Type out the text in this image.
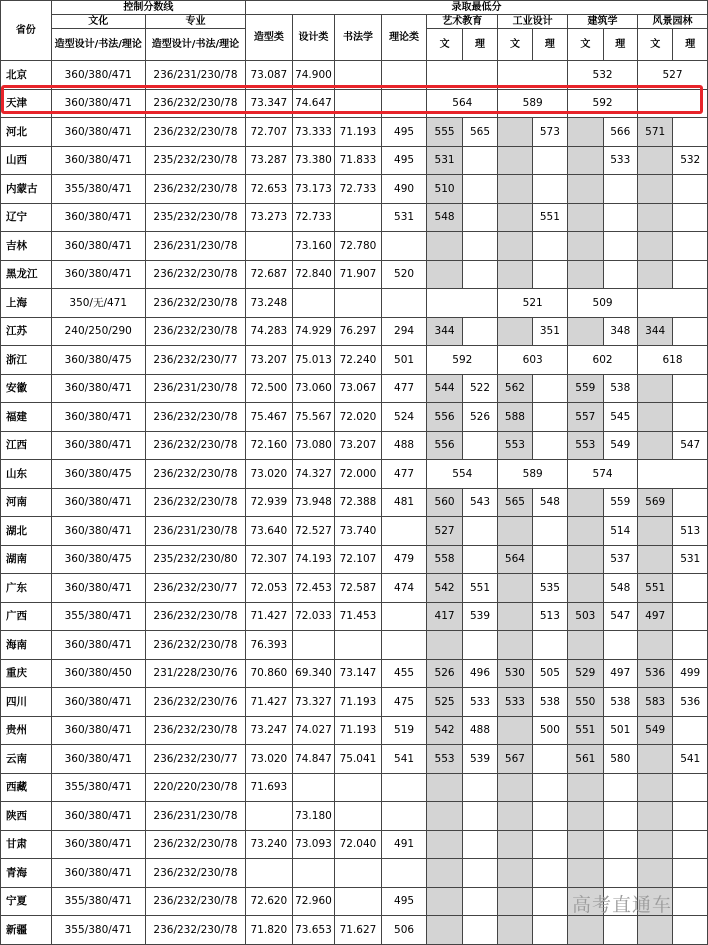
省份	控制分数线		录取最低分											
	文化	专业	造型类	设计类	书法学	理论类	艺术教育		工业设计		建筑学		风景园林	
	造型设计/书法/理论	造型设计/书法/理论					文	理	文	理	文	理	文	理
北京	360/380/471	236/231/230/78	73.087	74.900							532		527	
天津	360/380/471	236/232/230/78	73.347	74.647			564		589		592			
河北	360/380/471	236/232/230/78	72.707	73.333	71.193	495	555	565		573		566	571	
山西	360/380/471	235/232/230/78	73.287	73.380	71.833	495	531					533		532
内蒙古	355/380/471	236/232/230/78	72.653	73.173	72.733	490	510							
辽宁	360/380/471	235/232/230/78	73.273	72.733		531	548			551				
吉林	360/380/471	236/231/230/78		73.160	72.780									
黑龙江	360/380/471	236/232/230/78	72.687	72.840	71.907	520								
上海	350/无/471	236/232/230/78	73.248						521		509			
江苏	240/250/290	236/232/230/78	74.283	74.929	76.297	294	344			351		348	344	
浙江	360/380/475	236/232/230/77	73.207	75.013	72.240	501	592		603		602		618	
安徽	360/380/471	236/231/230/78	72.500	73.060	73.067	477	544	522	562		559	538		
福建	360/380/471	236/232/230/78	75.467	75.567	72.020	524	556	526	588		557	545		
江西	360/380/471	236/232/230/78	72.160	73.080	73.207	488	556		553		553	549		547
山东	360/380/475	236/232/230/78	73.020	74.327	72.000	477	554		589		574			
河南	360/380/471	236/232/230/78	72.939	73.948	72.388	481	560	543	565	548		559	569	
湖北	360/380/471	236/231/230/78	73.640	72.527	73.740		527					514		513
湖南	360/380/475	235/232/230/80	72.307	74.193	72.107	479	558		564			537		531
广东	360/380/471	236/232/230/77	72.053	72.453	72.587	474	542	551		535		548	551	
广西	355/380/471	236/232/230/78	71.427	72.033	71.453		417	539		513	503	547	497	
海南	360/380/471	236/232/230/78	76.393											
重庆	360/380/450	231/228/230/76	70.860	69.340	73.147	455	526	496	530	505	529	497	536	499
四川	360/380/471	236/232/230/76	71.427	73.327	71.193	475	525	533	533	538	550	538	583	536
贵州	360/380/471	236/232/230/78	73.247	74.027	71.193	519	542	488		500	551	501	549	
云南	360/380/471	236/232/230/77	73.020	74.847	75.041	541	553	539	567		561	580		541
西藏	355/380/471	220/220/230/78	71.693											
陕西	360/380/471	236/231/230/78		73.180										
甘肃	360/380/471	236/232/230/78	73.240	73.093	72.040	491								
青海	360/380/471	236/232/230/78												
宁夏	355/380/471	236/232/230/78	72.620	72.960		495								
新疆	355/380/471	236/232/230/78	71.820	73.653	71.627	506								
高考直通车
